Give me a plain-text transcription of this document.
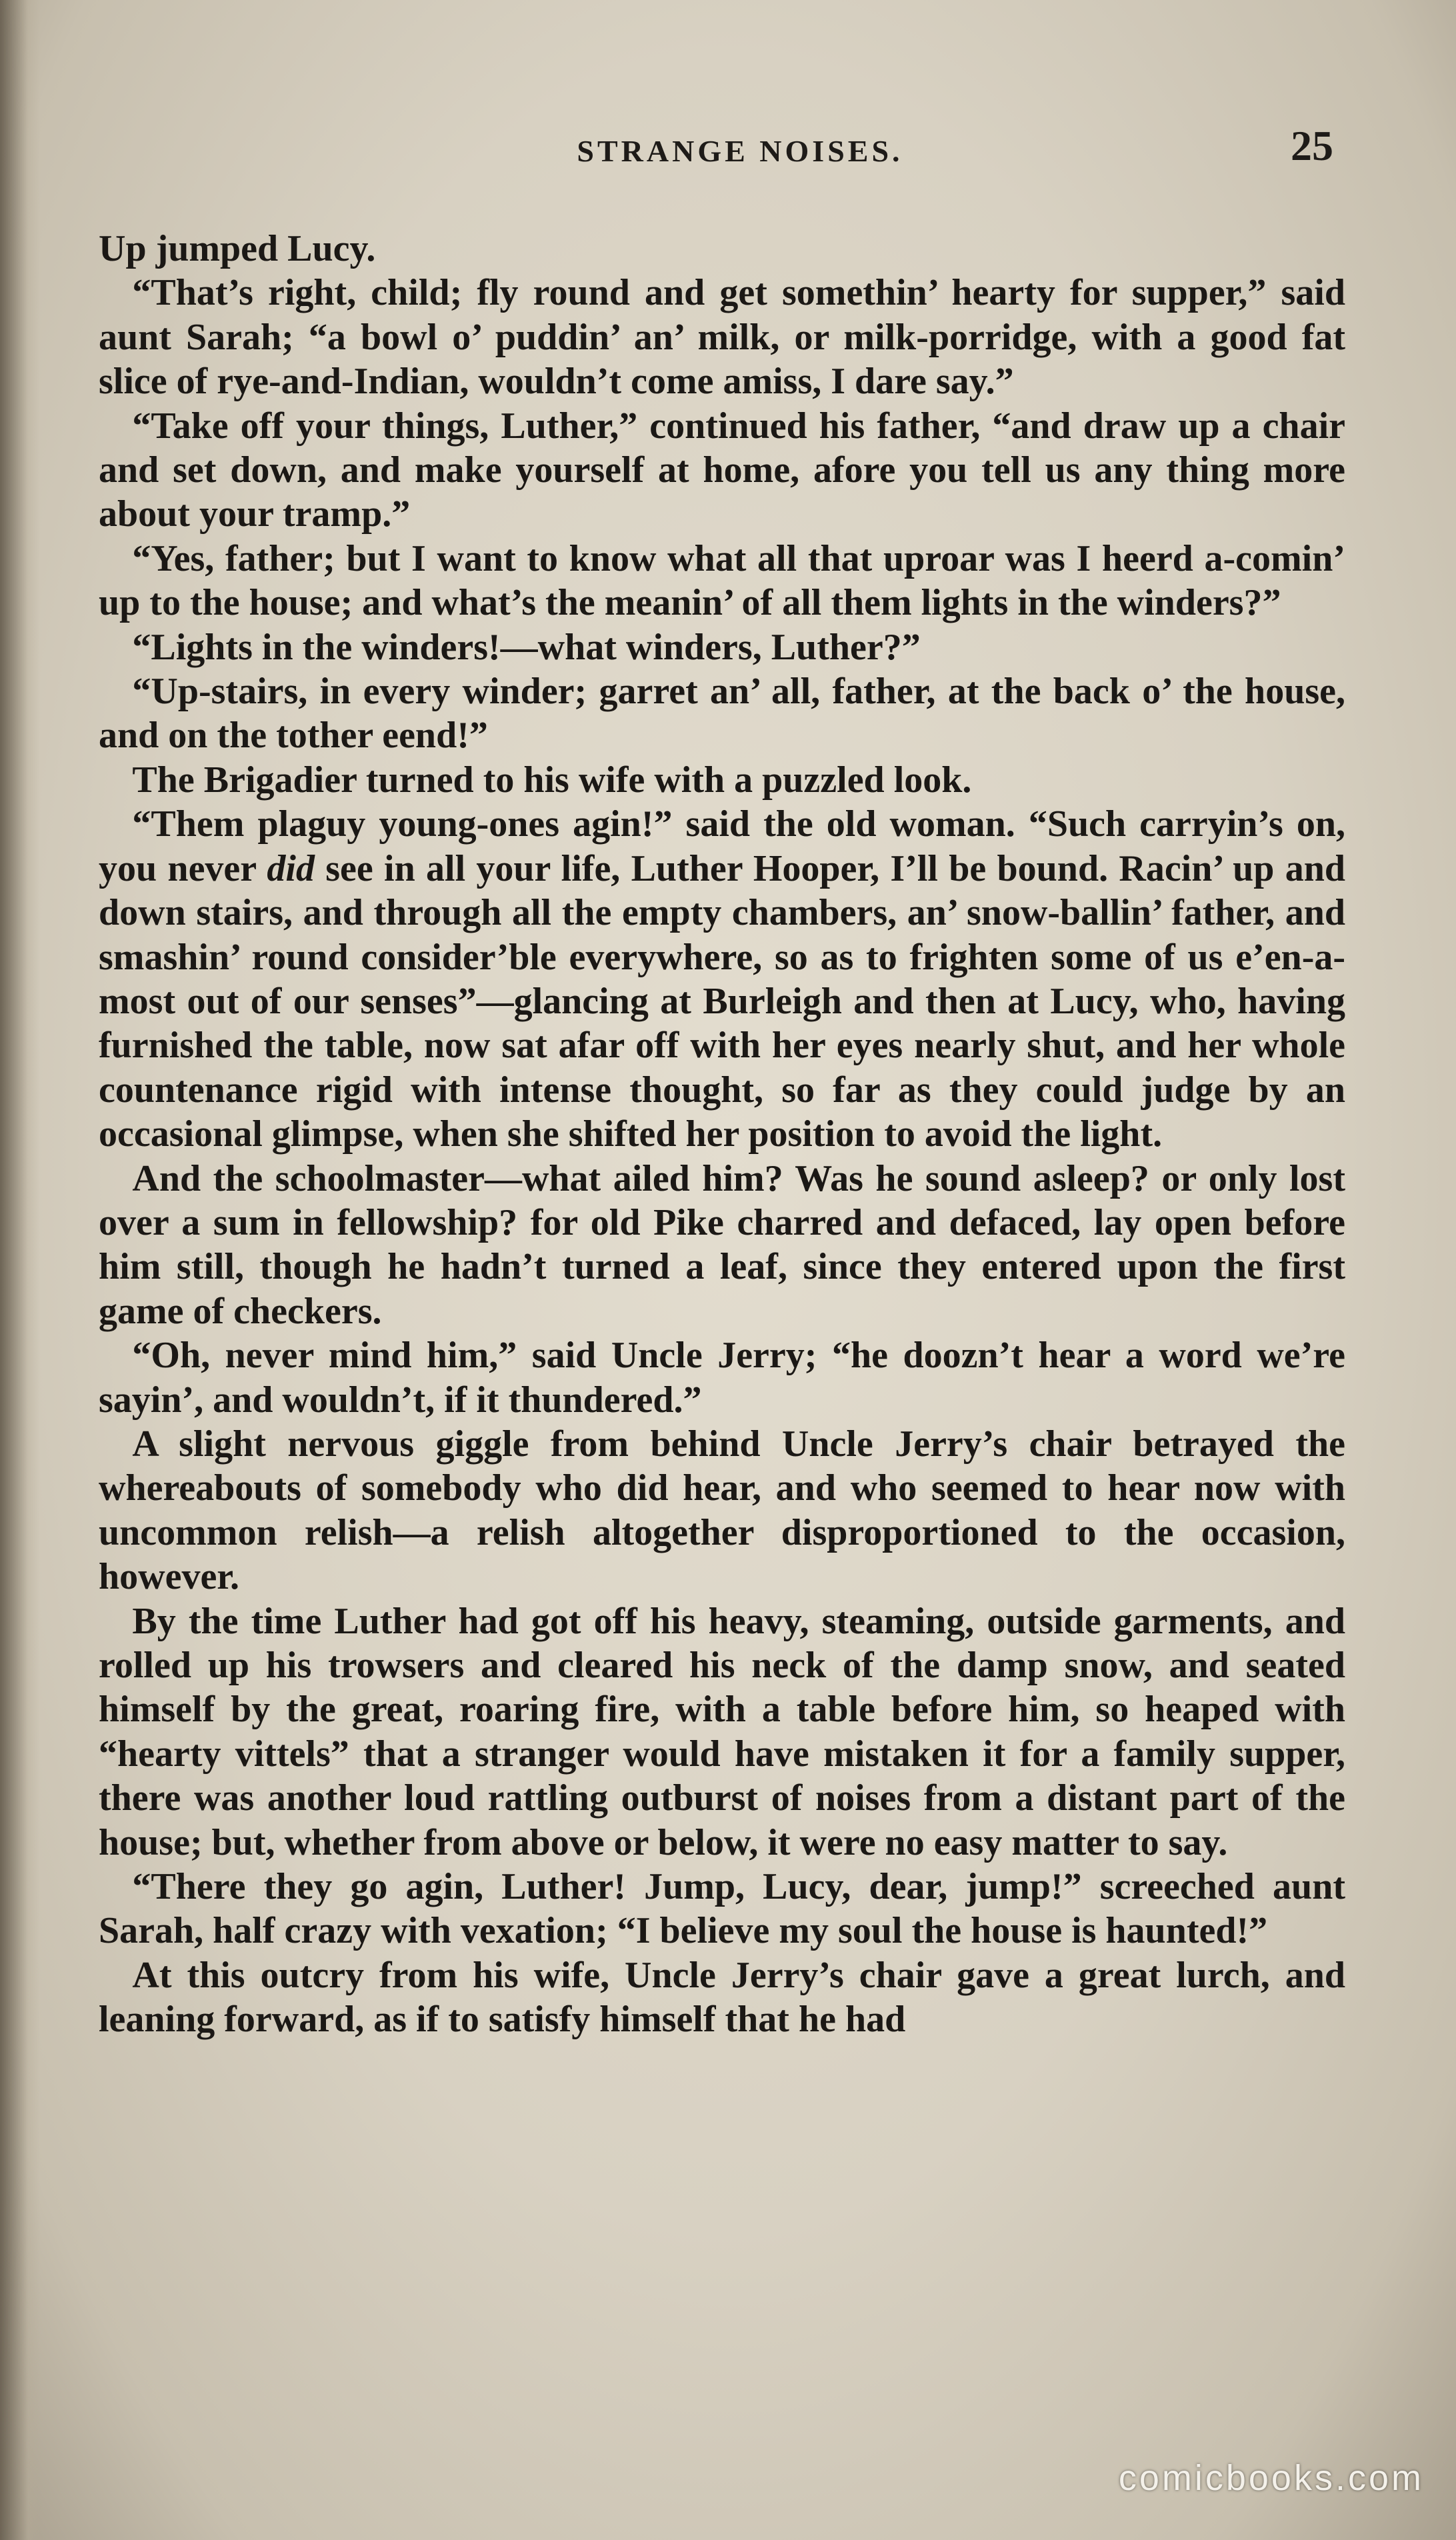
STRANGE NOISES.	25

Up jumped Lucy.

“That’s right, child; fly round and get somethin’ hearty for supper,” said aunt Sarah; “a bowl o’ puddin’ an’ milk, or milk-porridge, with a good fat slice of rye-and-Indian, wouldn’t come amiss, I dare say.”

“Take off your things, Luther,” continued his father, “and draw up a chair and set down, and make yourself at home, afore you tell us any thing more about your tramp.”

“Yes, father; but I want to know what all that uproar was I heerd a-comin’ up to the house; and what’s the meanin’ of all them lights in the winders?”

“Lights in the winders!—what winders, Luther?”

“Up-stairs, in every winder; garret an’ all, father, at the back o’ the house, and on the tother eend!”

The Brigadier turned to his wife with a puzzled look.

“Them plaguy young-ones agin!” said the old woman. “Such carryin’s on, you never did see in all your life, Luther Hooper, I’ll be bound. Racin’ up and down stairs, and through all the empty chambers, an’ snow-ballin’ father, and smashin’ round consider’ble everywhere, so as to frighten some of us e’en-a-most out of our senses”—glancing at Burleigh and then at Lucy, who, having furnished the table, now sat afar off with her eyes nearly shut, and her whole countenance rigid with intense thought, so far as they could judge by an occasional glimpse, when she shifted her position to avoid the light.

And the schoolmaster—what ailed him? Was he sound asleep? or only lost over a sum in fellowship? for old Pike charred and defaced, lay open before him still, though he hadn’t turned a leaf, since they entered upon the first game of checkers.

“Oh, never mind him,” said Uncle Jerry; “he doozn’t hear a word we’re sayin’, and wouldn’t, if it thundered.”

A slight nervous giggle from behind Uncle Jerry’s chair betrayed the whereabouts of somebody who did hear, and who seemed to hear now with uncommon relish—a relish altogether disproportioned to the occasion, however.

By the time Luther had got off his heavy, steaming, outside garments, and rolled up his trowsers and cleared his neck of the damp snow, and seated himself by the great, roaring fire, with a table before him, so heaped with “hearty vittels” that a stranger would have mistaken it for a family supper, there was another loud rattling outburst of noises from a distant part of the house; but, whether from above or below, it were no easy matter to say.

“There they go agin, Luther! Jump, Lucy, dear, jump!” screeched aunt Sarah, half crazy with vexation; “I believe my soul the house is haunted!”

At this outcry from his wife, Uncle Jerry’s chair gave a great lurch, and leaning forward, as if to satisfy himself that he had

comicbooks.com
